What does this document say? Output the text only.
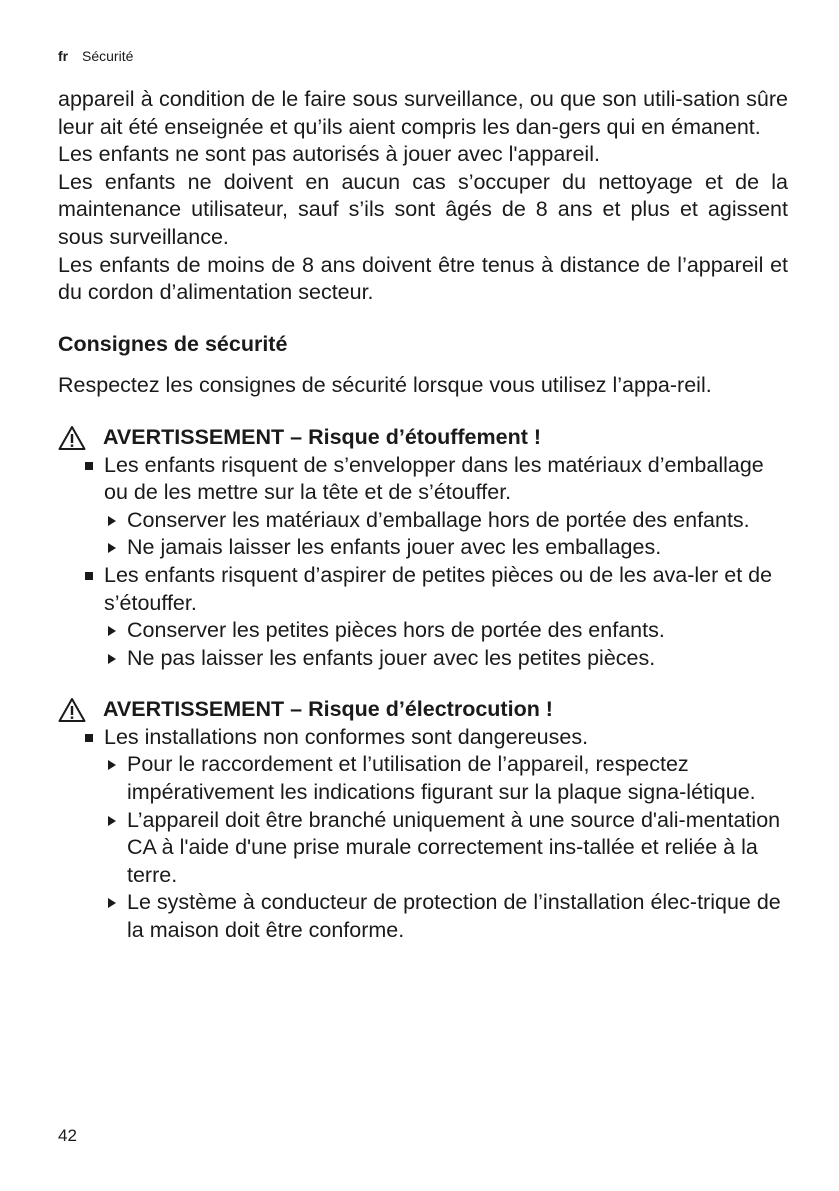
fr Sécurité

appareil à condition de le faire sous surveillance, ou que son utili-sation sûre leur ait été enseignée et qu’ils aient compris les dan-gers qui en émanent.

Les enfants ne sont pas autorisés à jouer avec l'appareil.

Les enfants ne doivent en aucun cas s’occuper du nettoyage et de la maintenance utilisateur, sauf s’ils sont âgés de 8 ans et plus et agissent sous surveillance.

Les enfants de moins de 8 ans doivent être tenus à distance de l’appareil et du cordon d’alimentation secteur.

Consignes de sécurité

Respectez les consignes de sécurité lorsque vous utilisez l’appa-reil.

AVERTISSEMENT – Risque d’étouffement !
Les enfants risquent de s’envelopper dans les matériaux d’emballage ou de les mettre sur la tête et de s’étouffer.
Conserver les matériaux d’emballage hors de portée des enfants.
Ne jamais laisser les enfants jouer avec les emballages.
Les enfants risquent d’aspirer de petites pièces ou de les ava-ler et de s’étouffer.
Conserver les petites pièces hors de portée des enfants.
Ne pas laisser les enfants jouer avec les petites pièces.
AVERTISSEMENT – Risque d’électrocution !
Les installations non conformes sont dangereuses.
Pour le raccordement et l’utilisation de l’appareil, respectez impérativement les indications figurant sur la plaque signa-létique.
L’appareil doit être branché uniquement à une source d'ali-mentation CA à l'aide d'une prise murale correctement ins-tallée et reliée à la terre.
Le système à conducteur de protection de l’installation élec-trique de la maison doit être conforme.
42
